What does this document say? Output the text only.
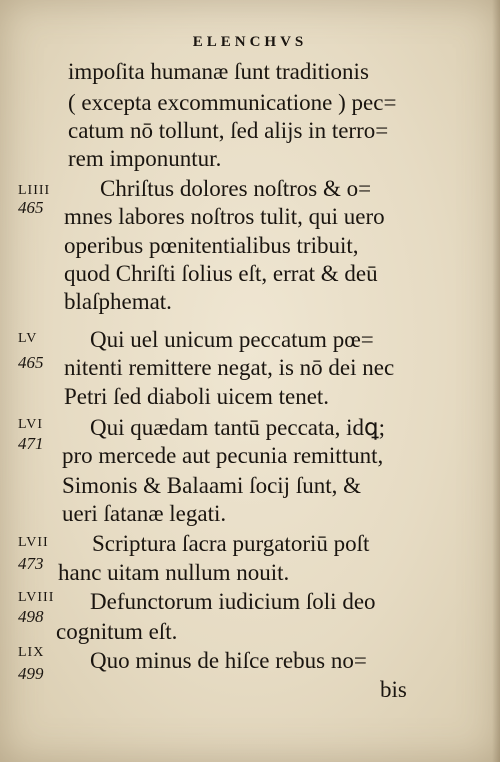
ELENCHVS
impoſita humanæ ſunt traditionis
( excepta excommunicatione ) pec=
catum nō tollunt, ſed alijs in terro=
rem imponuntur.
LIIII
465
Chriſtus dolores noſtros & o=
mnes labores noſtros tulit, qui uero
operibus pœnitentialibus tribuit,
quod Chriſti ſolius eſt, errat & deū
blaſphemat.
LV
465
Qui uel unicum peccatum pœ=
nitenti remittere negat, is nō dei nec
Petri ſed diaboli uicem tenet.
LVI
471
Qui quædam tantū peccata, idꝗ;
pro mercede aut pecunia remittunt,
Simonis & Balaami ſocij ſunt, &
ueri ſatanæ legati.
LVII
473
Scriptura ſacra purgatoriū poſt
hanc uitam nullum nouit.
LVIII
498
Defunctorum iudicium ſoli deo
cognitum eſt.
LIX
499
Quo minus de hiſce rebus no=
bis
